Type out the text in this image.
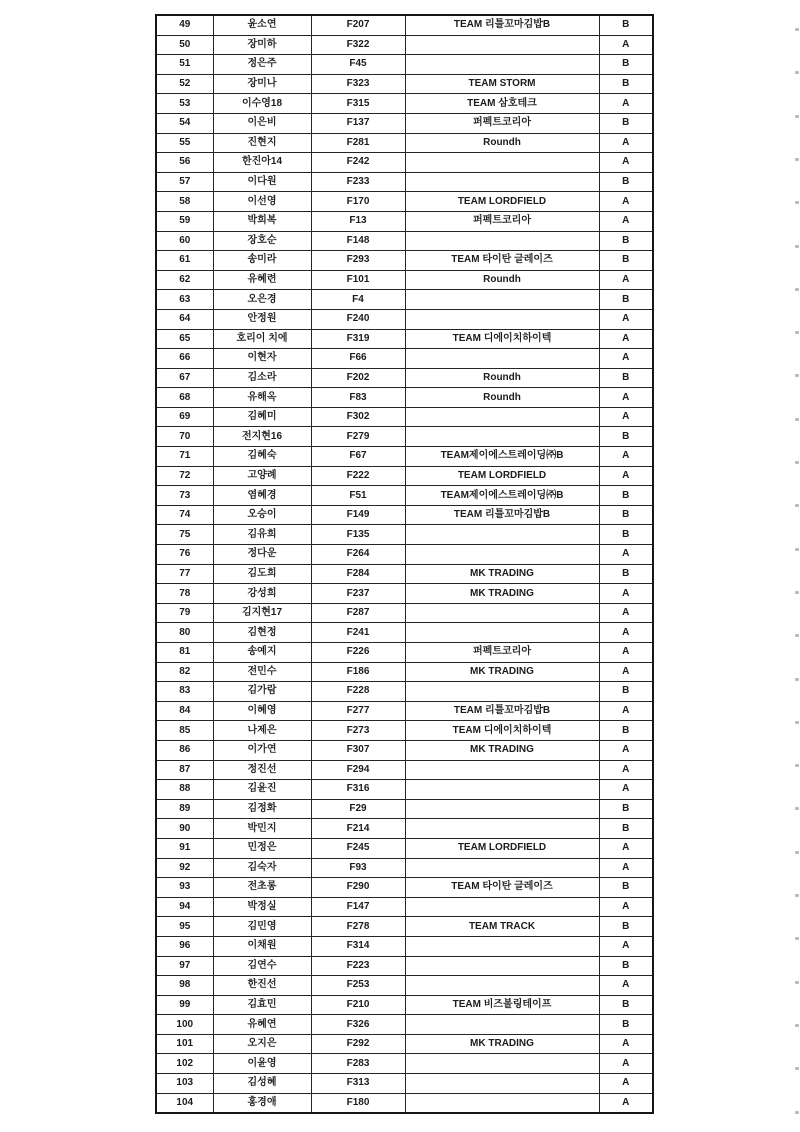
49	윤소연	F207	TEAM 리틀꼬마김밥B	B
50	장미하	F322		A
51	정은주	F45		B
52	장미나	F323	TEAM STORM	B
53	이수영18	F315	TEAM 삼호테크	A
54	이은비	F137	퍼펙트코리아	B
55	진현지	F281	Roundh	A
56	한진아14	F242		A
57	이다원	F233		B
58	이선영	F170	TEAM LORDFIELD	A
59	박희복	F13	퍼펙트코리아	A
60	장호순	F148		B
61	송미라	F293	TEAM 타이탄 글레이즈	B
62	유혜련	F101	Roundh	A
63	오은경	F4		B
64	안정원	F240		A
65	호리이 치에	F319	TEAM 디에이치하이텍	A
66	이현자	F66		A
67	김소라	F202	Roundh	B
68	유해옥	F83	Roundh	A
69	김혜미	F302		A
70	전지현16	F279		B
71	김혜숙	F67	TEAM제이에스트레이딩㈜B	A
72	고양례	F222	TEAM LORDFIELD	A
73	염혜경	F51	TEAM제이에스트레이딩㈜B	B
74	오승이	F149	TEAM 리틀꼬마김밥B	B
75	김유희	F135		B
76	정다운	F264		A
77	김도희	F284	MK TRADING	B
78	강성희	F237	MK TRADING	A
79	김지현17	F287		A
80	김현정	F241		A
81	송예지	F226	퍼펙트코리아	A
82	전민수	F186	MK TRADING	A
83	김가람	F228		B
84	이혜영	F277	TEAM 리틀꼬마김밥B	A
85	나제은	F273	TEAM 디에이치하이텍	B
86	이가연	F307	MK TRADING	A
87	정진선	F294		A
88	김윤진	F316		A
89	김정화	F29		B
90	박민지	F214		B
91	민정은	F245	TEAM LORDFIELD	A
92	김숙자	F93		A
93	전초롱	F290	TEAM 타이탄 글레이즈	B
94	박정실	F147		A
95	김민영	F278	TEAM TRACK	B
96	이채원	F314		A
97	김연수	F223		B
98	한진선	F253		A
99	김효민	F210	TEAM 비즈볼링테이프	B
100	유혜연	F326		B
101	오지은	F292	MK TRADING	A
102	이윤영	F283		A
103	김성혜	F313		A
104	홍경애	F180		A
